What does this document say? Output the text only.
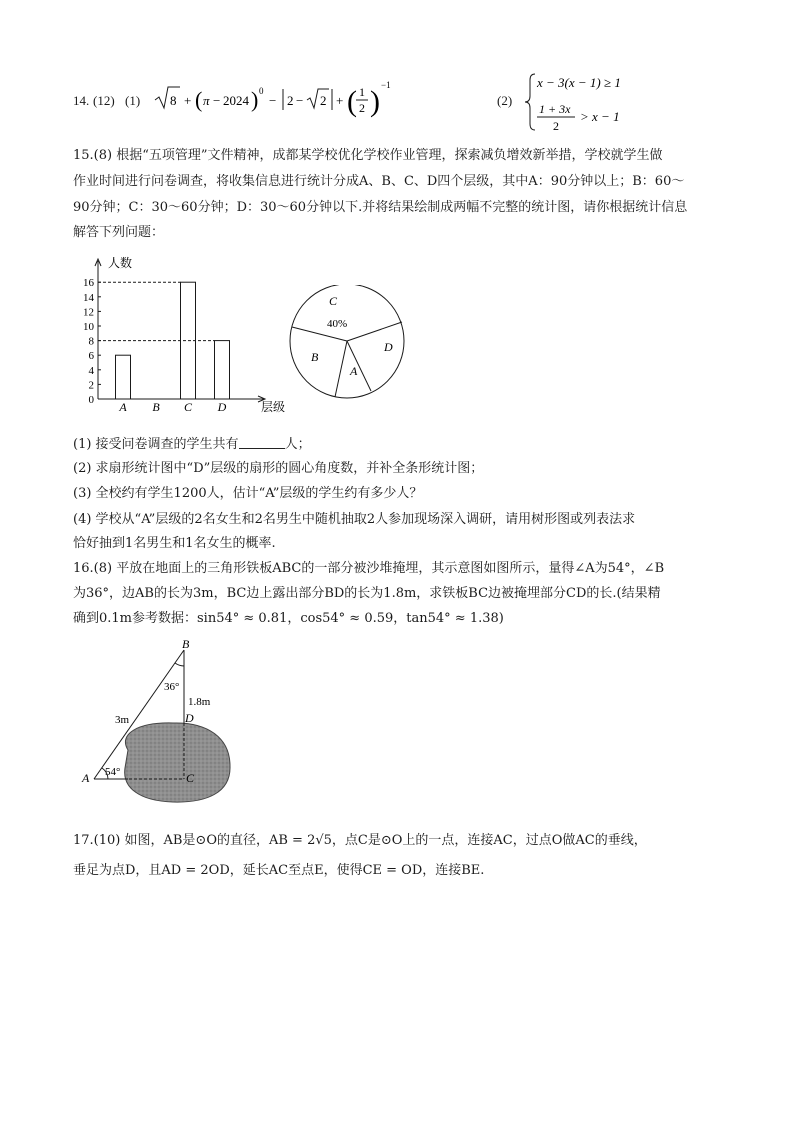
14. (12) (1) 8 + ( π − 2024 ) 0
− 2 − 2 + ( 1
2 ) −1
(2)
x − 3(x − 1) ≥ 1
1 + 3x
2
> x − 1
15.(8) 根据“五项管理”文件精神，成都某学校优化学校作业管理，探索减负增效新举措，学校就学生做
作业时间进行问卷调查，将收集信息进行统计分成A、B、C、D四个层级，其中A：90分钟以上；B：60～
90分钟；C：30～60分钟；D：30～60分钟以下.并将结果绘制成两幅不完整的统计图，请你根据统计信息
解答下列问题：
0
2
4
6
8
10
12
14
16
A B C D
人数
层级
C
40%
D
A
B
(1) 接受问卷调查的学生共有	人；
(2) 求扇形统计图中“D”层级的扇形的圆心角度数，并补全条形统计图；
(3) 全校约有学生1200人，估计“A”层级的学生约有多少人？
(4) 学校从“A”层级的2名女生和2名男生中随机抽取2人参加现场深入调研，请用树形图或列表法求
恰好抽到1名男生和1名女生的概率.
16.(8) 平放在地面上的三角形铁板ABC的一部分被沙堆掩埋，其示意图如图所示，量得∠A为54°，∠B
为36°，边AB的长为3m，BC边上露出部分BD的长为1.8m，求铁板BC边被掩埋部分CD的长.(结果精
确到0.1m参考数据：sin54° ≈ 0.81，cos54° ≈ 0.59，tan54° ≈ 1.38)
B
D
A	C
36°
54°
3m
1.8m
17.(10) 如图，AB是⊙O的直径，AB = 2√5，点C是⊙O上的一点，连接AC，过点O做AC的垂线，
垂足为点D，且AD = 2OD，延长AC至点E，使得CE = OD，连接BE.
